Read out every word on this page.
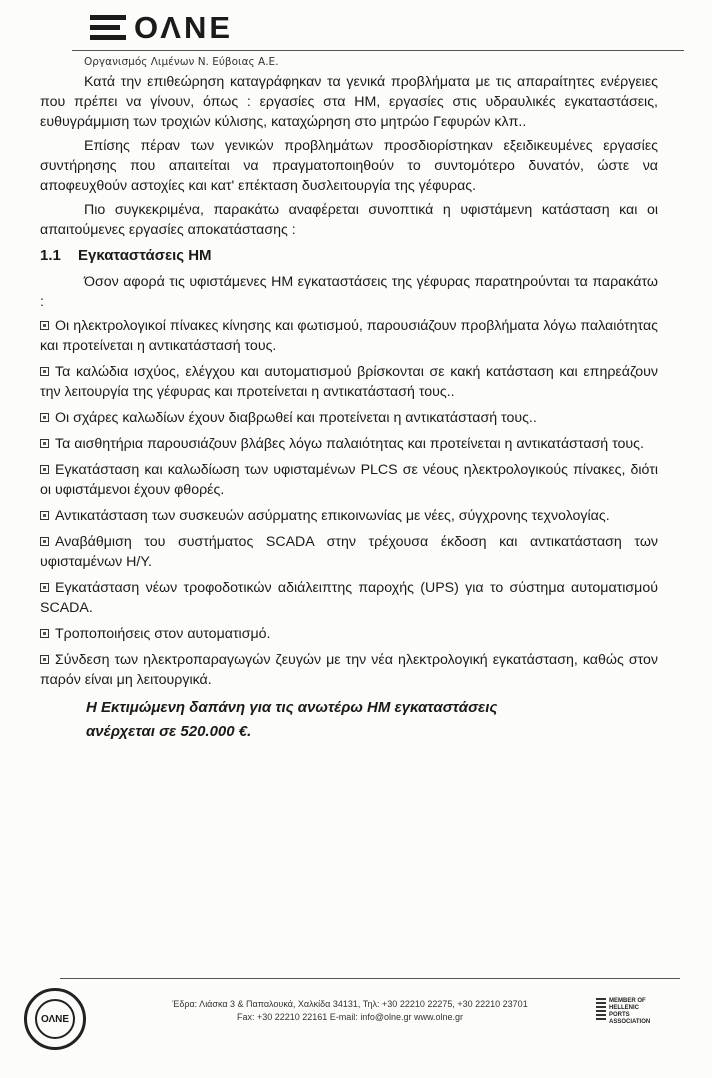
ΟΛΝΕ
Οργανισμός Λιμένων Ν. Εύβοιας Α.Ε.

Κατά την επιθεώρηση καταγράφηκαν τα γενικά προβλήματα με τις απαραίτητες ενέργειες που πρέπει να γίνουν, όπως : εργασίες στα ΗΜ, εργασίες στις υδραυλικές εγκαταστάσεις, ευθυγράμμιση των τροχιών κύλισης, καταχώρηση στο μητρώο Γεφυρών κλπ..

Επίσης πέραν των γενικών προβλημάτων προσδιορίστηκαν εξειδικευμένες εργασίες συντήρησης που απαιτείται να πραγματοποιηθούν το συντομότερο δυνατόν, ώστε να αποφευχθούν αστοχίες και κατ' επέκταση δυσλειτουργία της γέφυρας.

Πιο συγκεκριμένα, παρακάτω αναφέρεται συνοπτικά η υφιστάμενη κατάσταση και οι απαιτούμενες εργασίες αποκατάστασης :

1.1	Εγκαταστάσεις ΗΜ

Όσον αφορά τις υφιστάμενες ΗΜ εγκαταστάσεις της γέφυρας παρατηρούνται τα παρακάτω :

Οι ηλεκτρολογικοί πίνακες κίνησης και φωτισμού, παρουσιάζουν προβλήματα λόγω παλαιότητας και προτείνεται η αντικατάστασή τους.
Τα καλώδια ισχύος, ελέγχου και αυτοματισμού βρίσκονται σε κακή κατάσταση και επηρεάζουν την λειτουργία της γέφυρας και προτείνεται η αντικατάστασή τους..
Οι σχάρες καλωδίων έχουν διαβρωθεί και προτείνεται η αντικατάστασή τους..
Τα αισθητήρια παρουσιάζουν βλάβες λόγω παλαιότητας και προτείνεται η αντικατάστασή τους.
Εγκατάσταση και καλωδίωση των υφισταμένων PLCS σε νέους ηλεκτρολογικούς πίνακες, διότι οι υφιστάμενοι έχουν φθορές.
Αντικατάσταση των συσκευών ασύρματης επικοινωνίας με νέες, σύγχρονης τεχνολογίας.
Αναβάθμιση του συστήματος SCADA στην τρέχουσα έκδοση και αντικατάσταση των υφισταμένων Η/Υ.
Εγκατάσταση νέων τροφοδοτικών αδιάλειπτης παροχής (UPS) για το σύστημα αυτοματισμού SCADA.
Τροποποιήσεις στον αυτοματισμό.
Σύνδεση των ηλεκτροπαραγωγών ζευγών με την νέα ηλεκτρολογική εγκατάσταση, καθώς στον παρόν είναι μη λειτουργικά.
Η Εκτιμώμενη δαπάνη για τις ανωτέρω ΗΜ εγκαταστάσεις
ανέρχεται σε 520.000 €.
ΟΛΝΕ
Έδρα: Λιάσκα 3 & Παπαλουκά, Χαλκίδα 34131, Τηλ: +30 22210 22275, +30 22210 23701
Fax: +30 22210 22161 E-mail: info@olne.gr www.olne.gr
MEMBER OF HELLENIC PORTS ASSOCIATION
